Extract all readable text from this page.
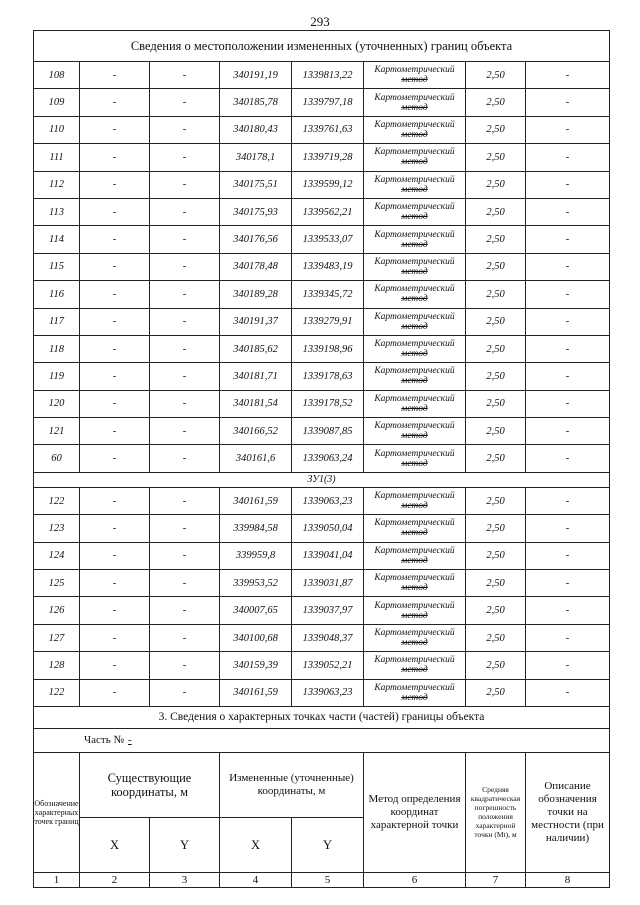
293
Сведения о местоположении измененных (уточненных) границ объекта							
108	-	-	340191,19	1339813,22	Картометрический
метод	2,50	-
109	-	-	340185,78	1339797,18	Картометрический
метод	2,50	-
110	-	-	340180,43	1339761,63	Картометрический
метод	2,50	-
111	-	-	340178,1	1339719,28	Картометрический
метод	2,50	-
112	-	-	340175,51	1339599,12	Картометрический
метод	2,50	-
113	-	-	340175,93	1339562,21	Картометрический
метод	2,50	-
114	-	-	340176,56	1339533,07	Картометрический
метод	2,50	-
115	-	-	340178,48	1339483,19	Картометрический
метод	2,50	-
116	-	-	340189,28	1339345,72	Картометрический
метод	2,50	-
117	-	-	340191,37	1339279,91	Картометрический
метод	2,50	-
118	-	-	340185,62	1339198,96	Картометрический
метод	2,50	-
119	-	-	340181,71	1339178,63	Картометрический
метод	2,50	-
120	-	-	340181,54	1339178,52	Картометрический
метод	2,50	-
121	-	-	340166,52	1339087,85	Картометрический
метод	2,50	-
60	-	-	340161,6	1339063,24	Картометрический
метод	2,50	-
ЗУ1(3)							
122	-	-	340161,59	1339063,23	Картометрический
метод	2,50	-
123	-	-	339984,58	1339050,04	Картометрический
метод	2,50	-
124	-	-	339959,8	1339041,04	Картометрический
метод	2,50	-
125	-	-	339953,52	1339031,87	Картометрический
метод	2,50	-
126	-	-	340007,65	1339037,97	Картометрический
метод	2,50	-
127	-	-	340100,68	1339048,37	Картометрический
метод	2,50	-
128	-	-	340159,39	1339052,21	Картометрический
метод	2,50	-
122	-	-	340161,59	1339063,23	Картометрический
метод	2,50	-
3. Сведения о характерных точках части (частей) границы объекта							
Часть № -							
Обозначение характерных точек границ	Существующие координаты, м		Измененные (уточненные) координаты, м		Метод определения координат характерной точки	Средняя квадратическая погрешность положения характерной точки (Mt), м	Описание обозначения точки на местности (при наличии)
	X	Y	X	Y			
1	2	3	4	5	6	7	8
